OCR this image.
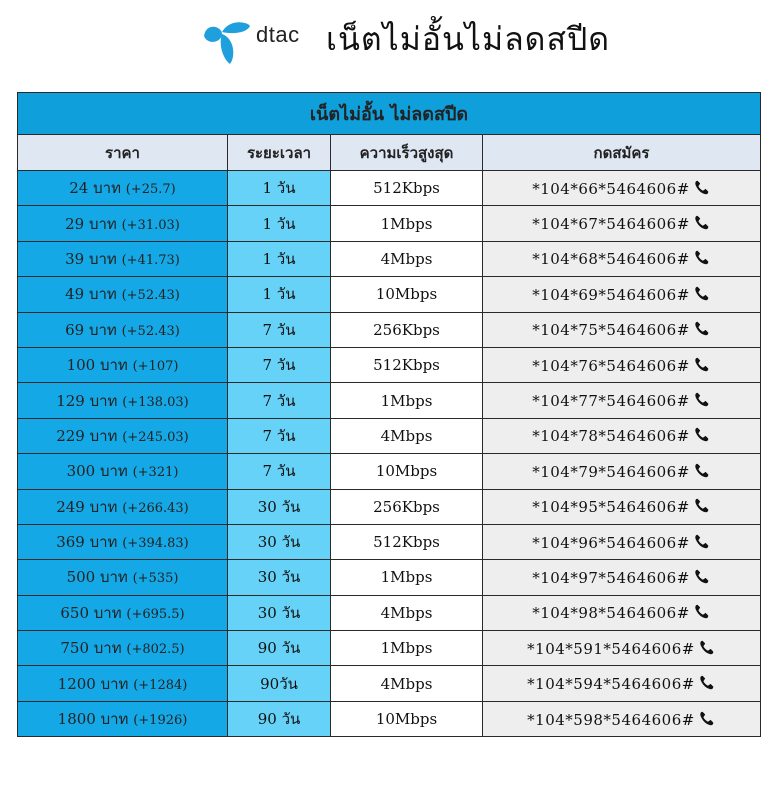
dtac เน็ตไม่อั้นไม่ลดสปีด
เน็ตไม่อั้น ไม่ลดสปีด			
ราคา	ระยะเวลา	ความเร็วสูงสุด	กดสมัคร
24 บาท (+25.7)	1 วัน	512Kbps	*104*66*5464606#
29 บาท (+31.03)	1 วัน	1Mbps	*104*67*5464606#
39 บาท (+41.73)	1 วัน	4Mbps	*104*68*5464606#
49 บาท (+52.43)	1 วัน	10Mbps	*104*69*5464606#
69 บาท (+52.43)	7 วัน	256Kbps	*104*75*5464606#
100 บาท (+107)	7 วัน	512Kbps	*104*76*5464606#
129 บาท (+138.03)	7 วัน	1Mbps	*104*77*5464606#
229 บาท (+245.03)	7 วัน	4Mbps	*104*78*5464606#
300 บาท (+321)	7 วัน	10Mbps	*104*79*5464606#
249 บาท (+266.43)	30 วัน	256Kbps	*104*95*5464606#
369 บาท (+394.83)	30 วัน	512Kbps	*104*96*5464606#
500 บาท (+535)	30 วัน	1Mbps	*104*97*5464606#
650 บาท (+695.5)	30 วัน	4Mbps	*104*98*5464606#
750 บาท (+802.5)	90 วัน	1Mbps	*104*591*5464606#
1200 บาท (+1284)	90วัน	4Mbps	*104*594*5464606#
1800 บาท (+1926)	90 วัน	10Mbps	*104*598*5464606#
